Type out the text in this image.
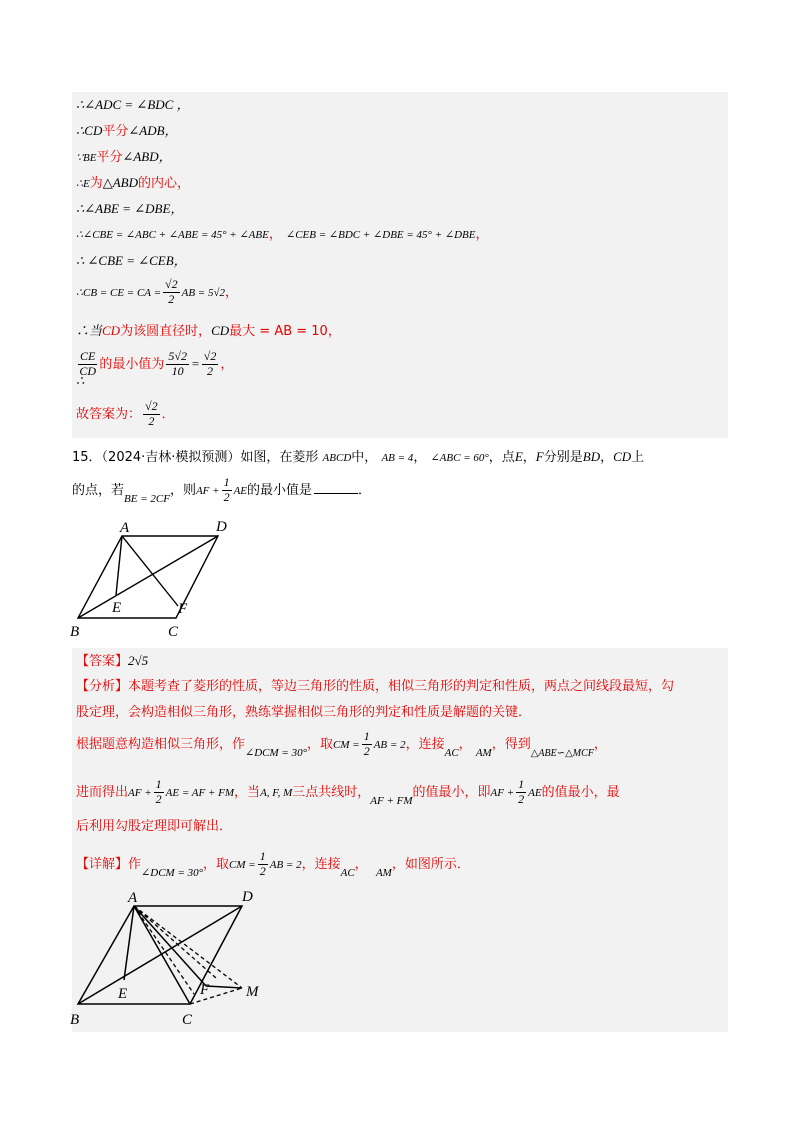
∴∠ADC = ∠BDC ，
∴CD平分∠ADB，
∵BE平分∠ABD，
∴E为△ABD的内心，
∴∠ABE = ∠DBE，
∴∠CBE = ∠ABC + ∠ABE = 45° + ∠ABE， ∠CEB = ∠BDC + ∠DBE = 45° + ∠DBE，
∴ ∠CBE = ∠CEB，
∴CB = CE = CA = $\frac{√2}{2}$ AB = 5√2，
∴当CD为该圆直径时，CD最大 = AB = 10，
$\frac{CE}{CD}$ 的最小值为 $\frac{5√2}{10} = \frac{√2}{2}$ ，
∴
故答案为： $\frac{√2}{2}$ ．
15．（2024·吉林·模拟预测）如图，在菱形 ABCD中， AB = 4， ∠ABC = 60°，点E，F分别是BD，CD上
的点，若$_{BE = 2CF}$，则AF + $\frac{1}{2}$ AE的最小值是	．
A	D
B	C
E	F
【答案】2√5
【分析】本题考查了菱形的性质，等边三角形的性质，相似三角形的判定和性质，两点之间线段最短，勾
股定理，会构造相似三角形，熟练掌握相似三角形的判定和性质是解题的关键．
根据题意构造相似三角形，作$_{\angle DCM = 30^\circ}$，取CM = $\frac{1}{2}$ AB = 2，连接$_{AC}$， $_{AM}$，得到$_{\triangle ABE∽\triangle MCF}$，
进而得出AF + $\frac{1}{2}$ AE = AF + FM，当A, F, M三点共线时，$_{AF + FM}$的值最小，即AF + $\frac{1}{2}$ AE的值最小，最
后利用勾股定理即可解出．
【详解】作$_{\angle DCM = 30^\circ}$，取CM = $\frac{1}{2}$ AB = 2，连接$_{AC}$，  $_{AM}$，如图所示．
A	D
B	C
E	F M
